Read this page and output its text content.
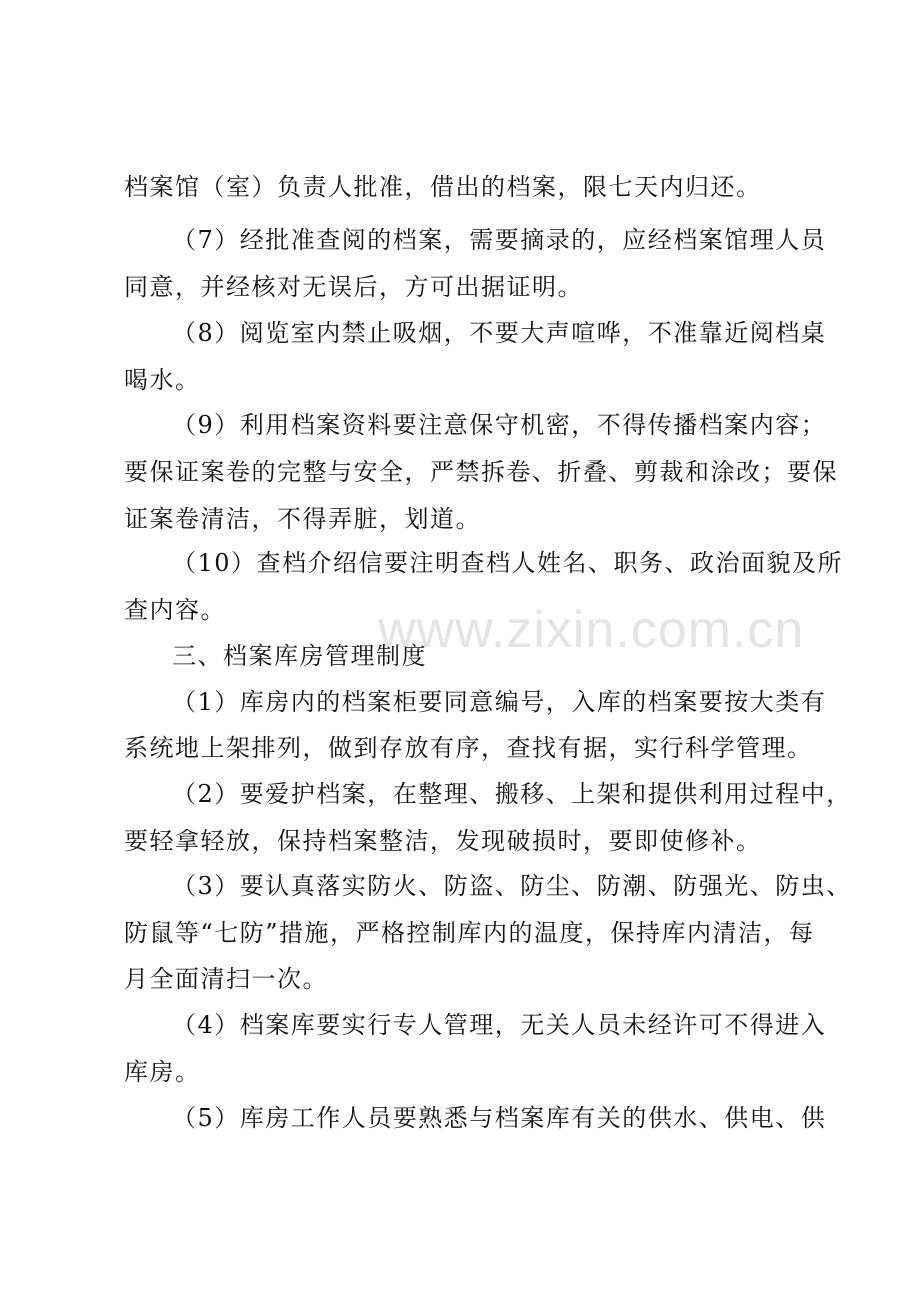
www.zixin.com.cn
档案馆（室）负责人批准，借出的档案，限七天内归还。
（7）经批准查阅的档案，需要摘录的，应经档案馆理人员
同意，并经核对无误后，方可出据证明。
（8）阅览室内禁止吸烟，不要大声喧哗，不准靠近阅档桌
喝水。
（9）利用档案资料要注意保守机密，不得传播档案内容；
要保证案卷的完整与安全，严禁拆卷、折叠、剪裁和涂改；要保
证案卷清洁，不得弄脏，划道。
（10）查档介绍信要注明查档人姓名、职务、政治面貌及所
查内容。
三、档案库房管理制度
（1）库房内的档案柜要同意编号，入库的档案要按大类有
系统地上架排列，做到存放有序，查找有据，实行科学管理。
（2）要爱护档案，在整理、搬移、上架和提供利用过程中，
要轻拿轻放，保持档案整洁，发现破损时，要即使修补。
（3）要认真落实防火、防盗、防尘、防潮、防强光、防虫、
防鼠等“七防”措施，严格控制库内的温度，保持库内清洁，每
月全面清扫一次。
（4）档案库要实行专人管理，无关人员未经许可不得进入
库房。
（5）库房工作人员要熟悉与档案库有关的供水、供电、供
